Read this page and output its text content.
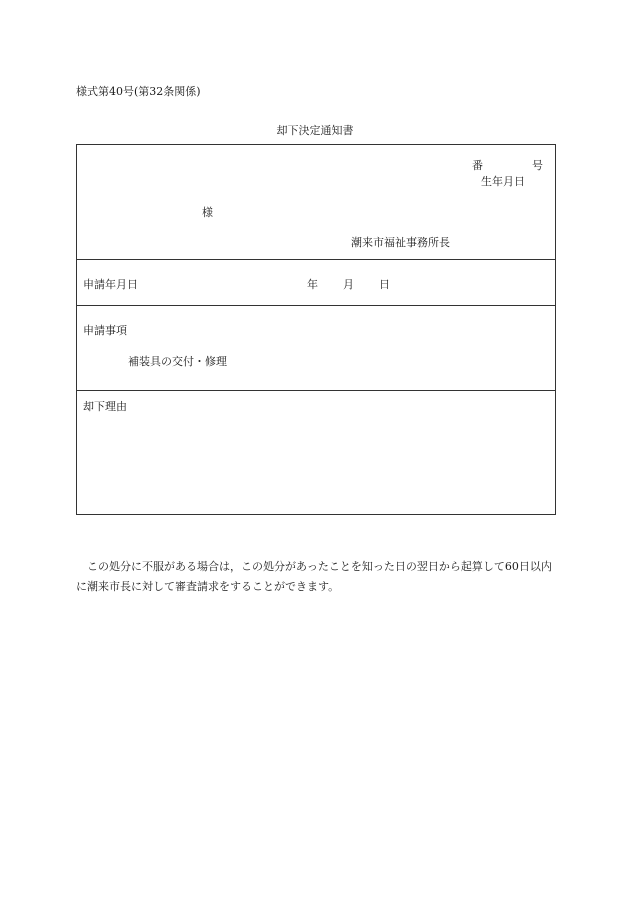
様式第40号(第32条関係)
却下決定通知書
番	号
生年月日
様
潮来市福祉事務所長
申請年月日	年 月 日
申請事項
補装具の交付・修理
却下理由
この処分に不服がある場合は，この処分があったことを知った日の翌日から起算して60日以内に潮来市長に対して審査請求をすることができます。
